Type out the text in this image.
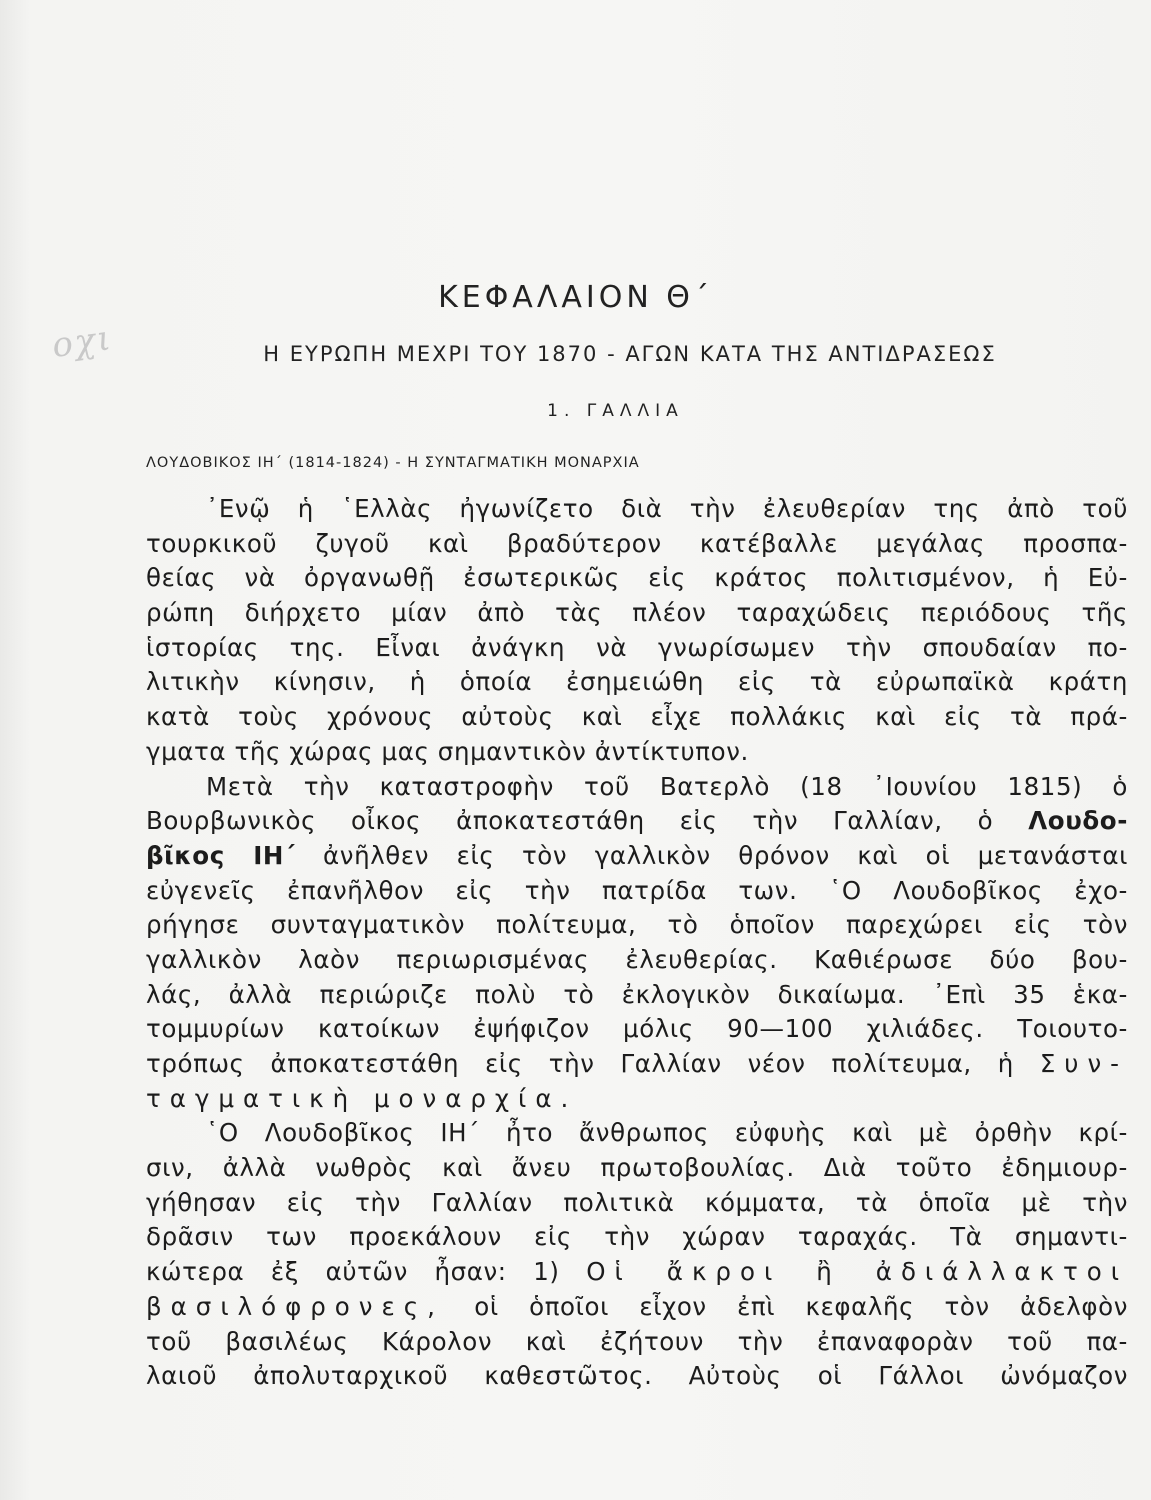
οχι
ΚΕΦΑΛΑΙΟΝ Θ΄
Η ΕΥΡΩΠΗ ΜΕΧΡΙ ΤΟΥ 1870 - ΑΓΩΝ ΚΑΤΑ ΤΗΣ ΑΝΤΙΔΡΑΣΕΩΣ
1. ΓΑΛΛΙΑ
ΛΟΥΔΟΒΙΚΟΣ ΙΗ΄ (1814-1824) - Η ΣΥΝΤΑΓΜΑΤΙΚΗ ΜΟΝΑΡΧΙΑ
᾿Ενῷ ἡ ῾Ελλὰς ἠγωνίζετο διὰ τὴν ἐλευθερίαν της ἀπὸ τοῦ
τουρκικοῦ ζυγοῦ καὶ βραδύτερον κατέβαλλε μεγάλας προσπα-
θείας νὰ ὀργανωθῇ ἐσωτερικῶς εἰς κράτος πολιτισμένον, ἡ Εὐ-
ρώπη διήρχετο μίαν ἀπὸ τὰς πλέον ταραχώδεις περιόδους τῆς
ἱστορίας της. Εἶναι ἀνάγκη νὰ γνωρίσωμεν τὴν σπουδαίαν πο-
λιτικὴν κίνησιν, ἡ ὁποία ἐσημειώθη εἰς τὰ εὐρωπαϊκὰ κράτη
κατὰ τοὺς χρόνους αὐτοὺς καὶ εἶχε πολλάκις καὶ εἰς τὰ πρά-
γματα τῆς χώρας μας σημαντικὸν ἀντίκτυπον.
Μετὰ τὴν καταστροφὴν τοῦ Βατερλὸ (18 ᾿Ιουνίου 1815) ὁ
Βουρβωνικὸς οἶκος ἀποκατεστάθη εἰς τὴν Γαλλίαν, ὁ Λουδο-
βῖκος ΙΗ΄ ἀνῆλθεν εἰς τὸν γαλλικὸν θρόνον καὶ οἱ μετανάσται
εὐγενεῖς ἐπανῆλθον εἰς τὴν πατρίδα των. ῾Ο Λουδοβῖκος ἐχο-
ρήγησε συνταγματικὸν πολίτευμα, τὸ ὁποῖον παρεχώρει εἰς τὸν
γαλλικὸν λαὸν περιωρισμένας ἐλευθερίας. Καθιέρωσε δύο βου-
λάς, ἀλλὰ περιώριζε πολὺ τὸ ἐκλογικὸν δικαίωμα. ᾿Επὶ 35 ἑκα-
τομμυρίων κατοίκων ἐψήφιζον μόλις 90—100 χιλιάδες. Τοιουτο-
τρόπως ἀποκατεστάθη εἰς τὴν Γαλλίαν νέον πολίτευμα, ἡ Συν-
ταγματικὴ μοναρχία.
῾Ο Λουδοβῖκος ΙΗ΄ ἦτο ἄνθρωπος εὐφυὴς καὶ μὲ ὀρθὴν κρί-
σιν, ἀλλὰ νωθρὸς καὶ ἄνευ πρωτοβουλίας. Διὰ τοῦτο ἐδημιουρ-
γήθησαν εἰς τὴν Γαλλίαν πολιτικὰ κόμματα, τὰ ὁποῖα μὲ τὴν
δρᾶσιν των προεκάλουν εἰς τὴν χώραν ταραχάς. Τὰ σημαντι-
κώτερα ἐξ αὐτῶν ἦσαν: 1) Οἱ ἄκροι ἢ ἀδιάλλακτοι
βασιλόφρονες, οἱ ὁποῖοι εἶχον ἐπὶ κεφαλῆς τὸν ἀδελφὸν
τοῦ βασιλέως Κάρολον καὶ ἐζήτουν τὴν ἐπαναφορὰν τοῦ πα-
λαιοῦ ἀπολυταρχικοῦ καθεστῶτος. Αὐτοὺς οἱ Γάλλοι ὠνόμαζον
